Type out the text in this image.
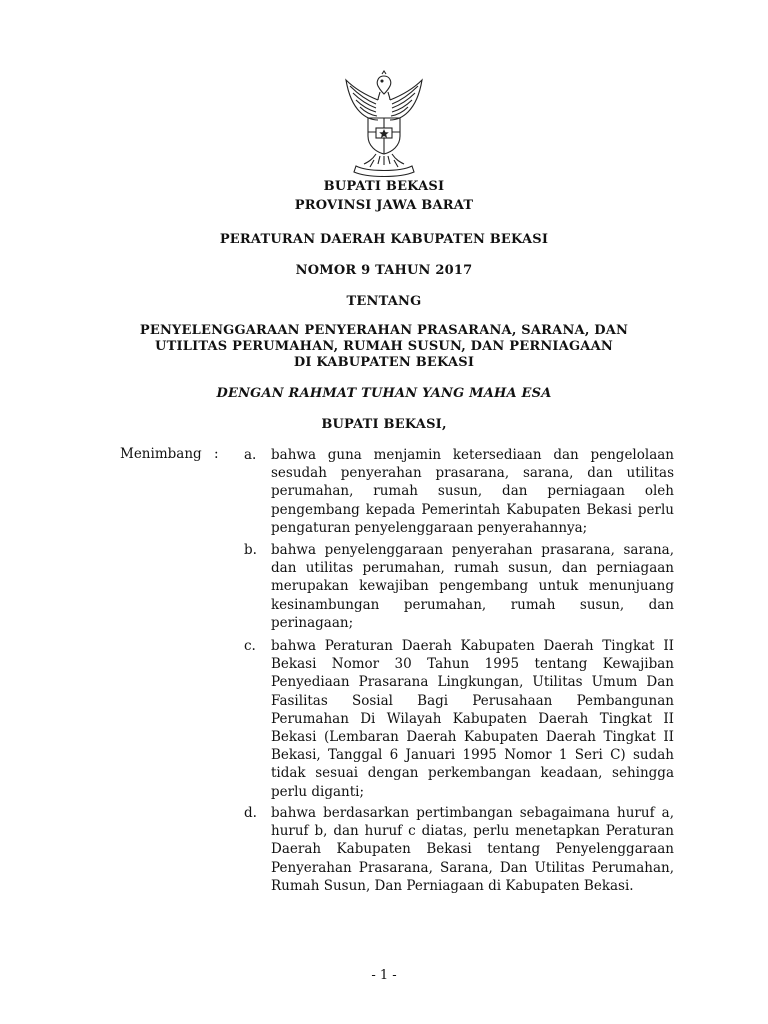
BUPATI BEKASI
PROVINSI JAWA BARAT
PERATURAN DAERAH KABUPATEN BEKASI
NOMOR 9 TAHUN 2017
TENTANG
PENYELENGGARAAN PENYERAHAN PRASARANA, SARANA, DAN
UTILITAS PERUMAHAN, RUMAH SUSUN, DAN PERNIAGAAN
DI KABUPATEN BEKASI
DENGAN RAHMAT TUHAN YANG MAHA ESA
BUPATI BEKASI,
Menimbang : a.	bahwa guna menjamin ketersediaan dan pengelolaan sesudah penyerahan prasarana, sarana, dan utilitas perumahan, rumah susun, dan perniagaan oleh pengembang kepada Pemerintah Kabupaten Bekasi perlu pengaturan penyelenggaraan penyerahannya;
b.	bahwa penyelenggaraan penyerahan prasarana, sarana, dan utilitas perumahan, rumah susun, dan perniagaan merupakan kewajiban pengembang untuk menunjuang kesinambungan perumahan, rumah susun, dan perinagaan;
c.	bahwa Peraturan Daerah Kabupaten Daerah Tingkat II Bekasi Nomor 30 Tahun 1995 tentang Kewajiban Penyediaan Prasarana Lingkungan, Utilitas Umum Dan Fasilitas Sosial Bagi Perusahaan Pembangunan Perumahan Di Wilayah Kabupaten Daerah Tingkat II Bekasi (Lembaran Daerah Kabupaten Daerah Tingkat II Bekasi, Tanggal 6 Januari 1995 Nomor 1 Seri C) sudah tidak sesuai dengan perkembangan keadaan, sehingga perlu diganti;
d.	bahwa berdasarkan pertimbangan sebagaimana huruf a, huruf b, dan huruf c diatas, perlu menetapkan Peraturan Daerah Kabupaten Bekasi tentang Penyelenggaraan Penyerahan Prasarana, Sarana, Dan Utilitas Perumahan, Rumah Susun, Dan Perniagaan di Kabupaten Bekasi.
- 1 -
